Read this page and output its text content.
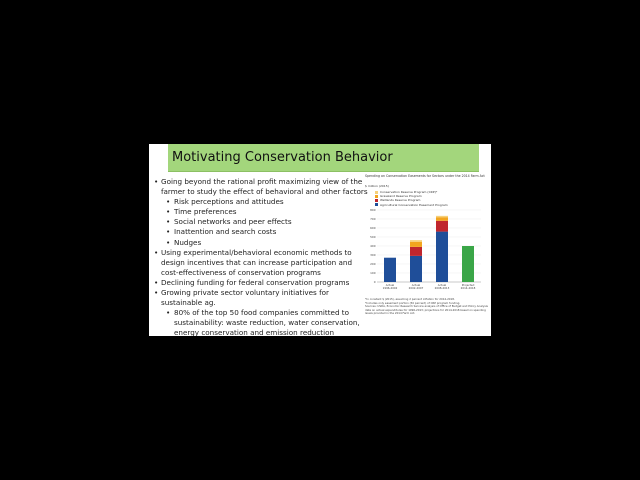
Motivating Conservation Behavior
• Going beyond the rational profit maximizing view of the farmer to study the effect of behavioral and other factors
• Risk perceptions and attitudes
• Time preferences
• Social networks and peer effects
• Inattention and search costs
• Nudges
• Using experimental/behavioral economic methods to design incentives that can increase participation and cost-effectiveness of conservation programs
• Declining funding for federal conservation programs
• Growing private sector voluntary initiatives for sustainable ag.
• 80% of the top 50 food companies committed to sustainability: waste reduction, water conservation, energy conservation and emission reduction
Spending on Conservation Easements for Sectors under the 2014 Farm Act
$ million (2015)
Conservation Reserve Program (CRP)*
Grassland Reserve Program
Wetlands Reserve Program
Agricultural Conservation Easement Program
0
100
200
300
400
500
600
700
800
Actual 1996-2002
Actual 2002-2007
Actual 2008-2013
Projected 2014-2018
*In constant $ (2015), assuming 2 percent inflation for 2014-2018.
*Includes only easement portion (50 percent) of CRP program funding.
Sources: USDA, Economic Research Service analysis of Office of Budget and Policy Analysis data on actual expenditures for 1996-2013; projections for 2014-2018 based on spending levels provided in the 2014 Farm Act.
